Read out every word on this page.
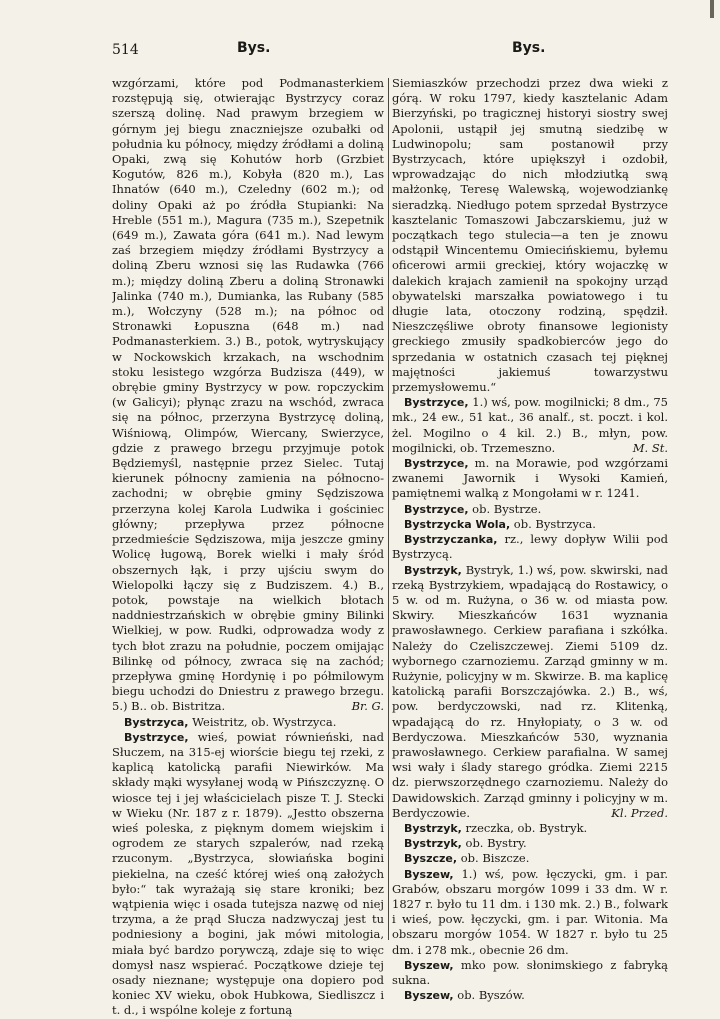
514	Bys.	Bys.

wzgórzami, które pod Podmanasterkiem rozstępują się, otwierając Bystrzycy coraz szerszą dolinę. Nad prawym brzegiem w górnym jej biegu znaczniejsze ozubałki od południa ku północy, między źródłami a doliną Opaki, zwą się Kohutów horb (Grzbiet Kogutów, 826 m.), Kobyła (820 m.), Las Ihnatów (640 m.), Czeledny (602 m.); od doliny Opaki aż po źródła Stupianki: Na Hreble (551 m.), Magura (735 m.), Szepetnik (649 m.), Zawata góra (641 m.). Nad lewym zaś brzegiem między źródłami Bystrzycy a doliną Zberu wznosi się las Rudawka (766 m.); między doliną Zberu a doliną Stronawki Jalinka (740 m.), Dumianka, las Rubany (585 m.), Wołczyny (528 m.); na północ od Stronawki Łopuszna (648 m.) nad Podmanasterkiem. 3.) B., potok, wytryskujący w Nockowskich krzakach, na wschodnim stoku lesistego wzgórza Budzisza (449), w obrębie gminy Bystrzycy w pow. ropczyckim (w Galicyi); płynąc zrazu na wschód, zwraca się na północ, przerzyna Bystrzycę doliną, Wiśniową, Olimpów, Wiercany, Swierzyce, gdzie z prawego brzegu przyjmuje potok Będziemyśl, następnie przez Sielec. Tutaj kierunek północny zamienia na północno-zachodni; w obrębie gminy Sędziszowa przerzyna kolej Karola Ludwika i gościniec główny; przepływa przez północne przedmieście Sędziszowa, mija jeszcze gminy Wolicę ługową, Borek wielki i mały śród obszernych łąk, i przy ujściu swym do Wielopolki łączy się z Budziszem. 4.) B., potok, powstaje na wielkich błotach naddniestrzańskich w obrębie gminy Bilinki Wielkiej, w pow. Rudki, odprowadza wody z tych błot zrazu na południe, poczem omijając Bilinkę od północy, zwraca się na zachód; przepływa gminę Hordynię i po półmilowym biegu uchodzi do Dniestru z prawego brzegu. 5.) B.. ob. Bistritza.	Br. G.

Bystrzyca, Weistritz, ob. Wystrzyca.

Bystrzyce, wieś, powiat równieński, nad Słuczem, na 315-ej wiorście biegu tej rzeki, z kaplicą katolicką parafii Niewirków. Ma składy mąki wysyłanej wodą w Pińszczyznę. O wiosce tej i jej właścicielach pisze T. J. Stecki w Wieku (Nr. 187 z r. 1879). „Jestto obszerna wieś poleska, z pięknym domem wiejskim i ogrodem ze starych szpalerów, nad rzeką rzuconym. „Bystrzyca, słowiańska bogini piekielna, na cześć której wieś oną założych było:“ tak wyrażają się stare kroniki; bez wątpienia więc i osada tutejsza nazwę od niej trzyma, a że prąd Słucza nadzwyczaj jest tu podniesiony a bogini, jak mówi mitologia, miała być bardzo porywczą, zdaje się to więc domysł nasz wspierać. Początkowe dzieje tej osady nieznane; występuje ona dopiero pod koniec XV wieku, obok Hubkowa, Siedliszcz i t. d., i wspólne koleje z fortuną

Siemiaszków przechodzi przez dwa wieki z górą. W roku 1797, kiedy kasztelanic Adam Bierzyński, po tragicznej historyi siostry swej Apolonii, ustąpił jej smutną siedzibę w Ludwinopolu; sam postanowił przy Bystrzycach, które upiększył i ozdobił, wprowadzając do nich młodziutką swą małżonkę, Teresę Walewską, wojewodziankę sieradzką. Niedługo potem sprzedał Bystrzyce kasztelanic Tomaszowi Jabczarskiemu, już w początkach tego stulecia—a ten je znowu odstąpił Wincentemu Omiecińskiemu, byłemu oficerowi armii greckiej, który wojaczkę w dalekich krajach zamienił na spokojny urząd obywatelski marszałka powiatowego i tu długie lata, otoczony rodziną, spędził. Nieszczęśliwe obroty finansowe legionisty greckiego zmusiły spadkobierców jego do sprzedania w ostatnich czasach tej pięknej majętności jakiemuś towarzystwu przemysłowemu.“

Bystrzyce, 1.) wś, pow. mogilnicki; 8 dm., 75 mk., 24 ew., 51 kat., 36 analf., st. poczt. i kol. żel. Mogilno o 4 kil. 2.) B., młyn, pow. mogilnicki, ob. Trzemeszno.	M. St.

Bystrzyce, m. na Morawie, pod wzgórzami zwanemi Jawornik i Wysoki Kamień, pamiętnemi walką z Mongołami w r. 1241.

Bystrzyce, ob. Bystrze.

Bystrzycka Wola, ob. Bystrzyca.

Bystrzyczanka, rz., lewy dopływ Wilii pod Bystrzycą.

Bystrzyk, Bystryk, 1.) wś, pow. skwirski, nad rzeką Bystrzykiem, wpadającą do Rostawicy, o 5 w. od m. Rużyna, o 36 w. od miasta pow. Skwiry. Mieszkańców 1631 wyznania prawosławnego. Cerkiew parafiana i szkółka. Należy do Czeliszczewej. Ziemi 5109 dz. wybornego czarnoziemu. Zarząd gminny w m. Rużynie, policyjny w m. Skwirze. B. ma kaplicę katolicką parafii Borszczajówka. 2.) B., wś, pow. berdyczowski, nad rz. Klitenką, wpadającą do rz. Hnyłopiaty, o 3 w. od Berdyczowa. Mieszkańców 530, wyznania prawosławnego. Cerkiew parafialna. W samej wsi wały i ślady starego gródka. Ziemi 2215 dz. pierwszorzędnego czarnoziemu. Należy do Dawidowskich. Zarząd gminny i policyjny w m. Berdyczowie.	Kl. Przed.

Bystrzyk, rzeczka, ob. Bystryk.

Bystrzyk, ob. Bystry.

Byszcze, ob. Biszcze.

Byszew, 1.) wś, pow. łęczycki, gm. i par. Grabów, obszaru morgów 1099 i 33 dm. W r. 1827 r. było tu 11 dm. i 130 mk. 2.) B., folwark i wieś, pow. łęczycki, gm. i par. Witonia. Ma obszaru morgów 1054. W 1827 r. było tu 25 dm. i 278 mk., obecnie 26 dm.

Byszew, mko pow. słonimskiego z fabryką sukna.

Byszew, ob. Byszów.
